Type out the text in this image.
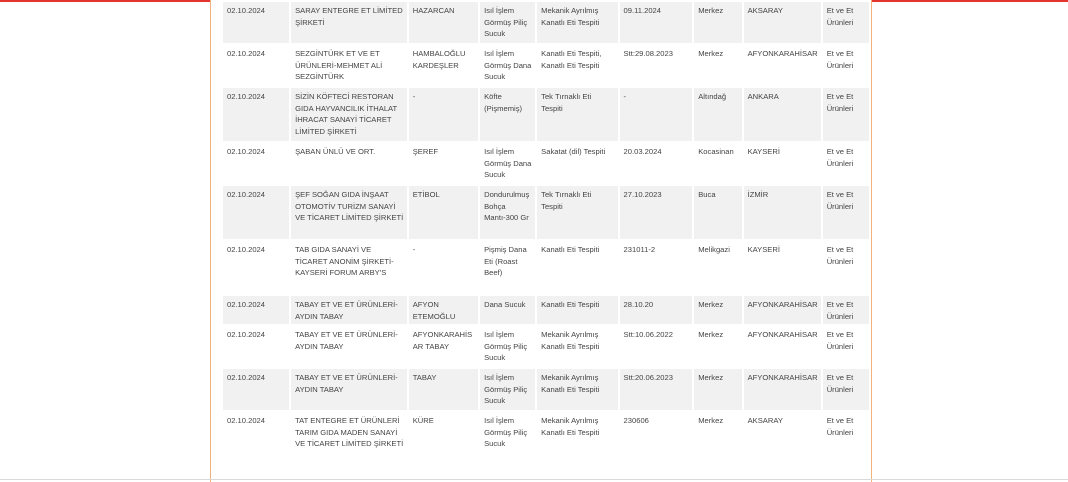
02.10.2024	SARAY ENTEGRE ET LİMİTED ŞİRKETİ	HAZARCAN	Isıl İşlem Görmüş Piliç Sucuk	Mekanik Ayrılmış Kanatlı Eti Tespiti	09.11.2024	Merkez	AKSARAY	Et ve Et Ürünleri
02.10.2024	SEZGİNTÜRK ET VE ET ÜRÜNLERİ-MEHMET ALİ SEZGİNTÜRK	HAMBALOĞLU KARDEŞLER	Isıl İşlem Görmüş Dana Sucuk	Kanatlı Eti Tespiti, Kanatlı Eti Tespiti	Stt:29.08.2023	Merkez	AFYONKARAHİSAR	Et ve Et Ürünleri
02.10.2024	SİZİN KÖFTECİ RESTORAN GIDA HAYVANCILIK İTHALAT İHRACAT SANAYİ TİCARET LİMİTED ŞİRKETİ	-	Köfte (Pişmemiş)	Tek Tırnaklı Eti Tespiti	-	Altındağ	ANKARA	Et ve Et Ürünleri
02.10.2024	ŞABAN ÜNLÜ VE ORT.	ŞEREF	Isıl İşlem Görmüş Dana Sucuk	Sakatat (dil) Tespiti	20.03.2024	Kocasinan	KAYSERİ	Et ve Et Ürünleri
02.10.2024	ŞEF SOĞAN GIDA İNŞAAT OTOMOTİV TURİZM SANAYİ VE TİCARET LİMİTED ŞİRKETİ	ETİBOL	Dondurulmuş Bohça Mantı-300 Gr	Tek Tırnaklı Eti Tespiti	27.10.2023	Buca	İZMİR	Et ve Et Ürünleri
02.10.2024	TAB GIDA SANAYİ VE TİCARET ANONİM ŞİRKETİ-KAYSERİ FORUM ARBY'S	-	Pişmiş Dana Eti (Roast Beef)	Kanatlı Eti Tespiti	231011-2	Melikgazi	KAYSERİ	Et ve Et Ürünleri
02.10.2024	TABAY ET VE ET ÜRÜNLERİ-AYDIN TABAY	AFYON ETEMOĞLU	Dana Sucuk	Kanatlı Eti Tespiti	28.10.20	Merkez	AFYONKARAHİSAR	Et ve Et Ürünleri
02.10.2024	TABAY ET VE ET ÜRÜNLERİ-AYDIN TABAY	AFYONKARAHİSAR TABAY	Isıl İşlem Görmüş Piliç Sucuk	Mekanik Ayrılmış Kanatlı Eti Tespiti	Stt:10.06.2022	Merkez	AFYONKARAHİSAR	Et ve Et Ürünleri
02.10.2024	TABAY ET VE ET ÜRÜNLERİ-AYDIN TABAY	TABAY	Isıl İşlem Görmüş Piliç Sucuk	Mekanik Ayrılmış Kanatlı Eti Tespiti	Stt:20.06.2023	Merkez	AFYONKARAHİSAR	Et ve Et Ürünleri
02.10.2024	TAT ENTEGRE ET ÜRÜNLERİ TARIM GIDA MADEN SANAYİ VE TİCARET LİMİTED ŞİRKETİ	KÜRE	Isıl İşlem Görmüş Piliç Sucuk	Mekanik Ayrılmış Kanatlı Eti Tespiti	230606	Merkez	AKSARAY	Et ve Et Ürünleri
